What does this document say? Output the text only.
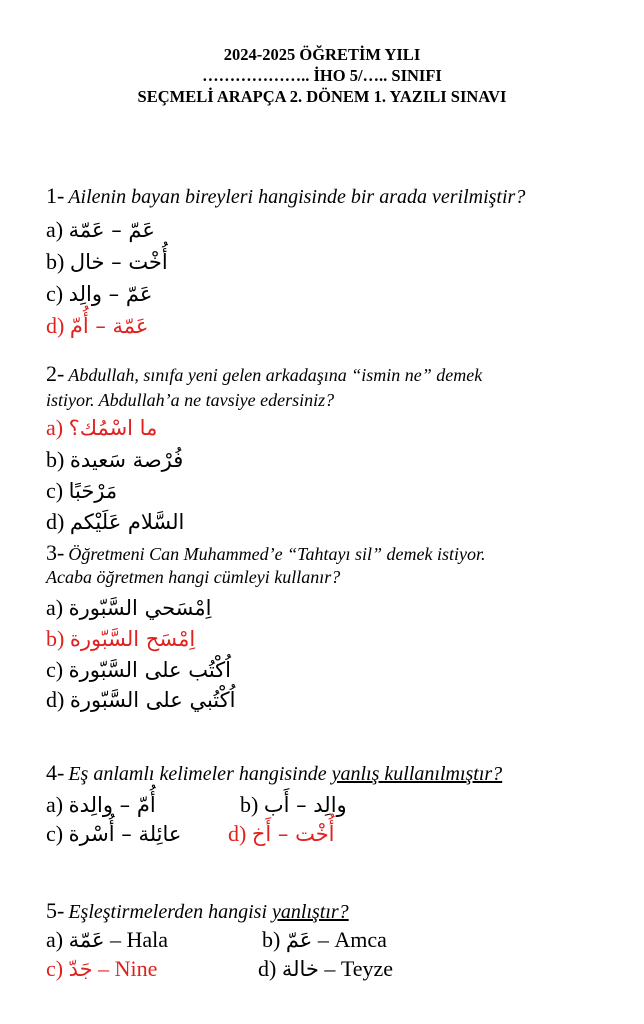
2024-2025 ÖĞRETİM YILI
……………….. İHO 5/….. SINIFI
SEÇMELİ ARAPÇA 2. DÖNEM 1. YAZILI SINAVI
1- Ailenin bayan bireyleri hangisinde bir arada verilmiştir?
a) عَمّ – عَمّة
b) أُخْت – خال
c) عَمّ – والِد
d) عَمّة – أُمّ
2- Abdullah, sınıfa yeni gelen arkadaşına “ismin ne” demek
istiyor. Abdullah’a ne tavsiye edersiniz?
a) ما اسْمُك؟
b) فُرْصة سَعيدة
c) مَرْحَبًا
d) السَّلام عَلَيْكم
3- Öğretmeni Can Muhammed’e “Tahtayı sil” demek istiyor.
Acaba öğretmen hangi cümleyi kullanır?
a) اِمْسَحي السَّبّورة
b) اِمْسَح السَّبّورة
c) اُكْتُب على السَّبّورة
d) اُكْتُبي على السَّبّورة
4- Eş anlamlı kelimeler hangisinde yanlış kullanılmıştır?
a) أُمّ – والِدة	b) والِد – أَب
c) عائِلة – أُسْرة d) أُخْت – أَخ
5- Eşleştirmelerden hangisi yanlıştır?
a) عَمّة – Hala	b) عَمّ – Amca
c) جَدّ – Nine	d) خالة – Teyze
